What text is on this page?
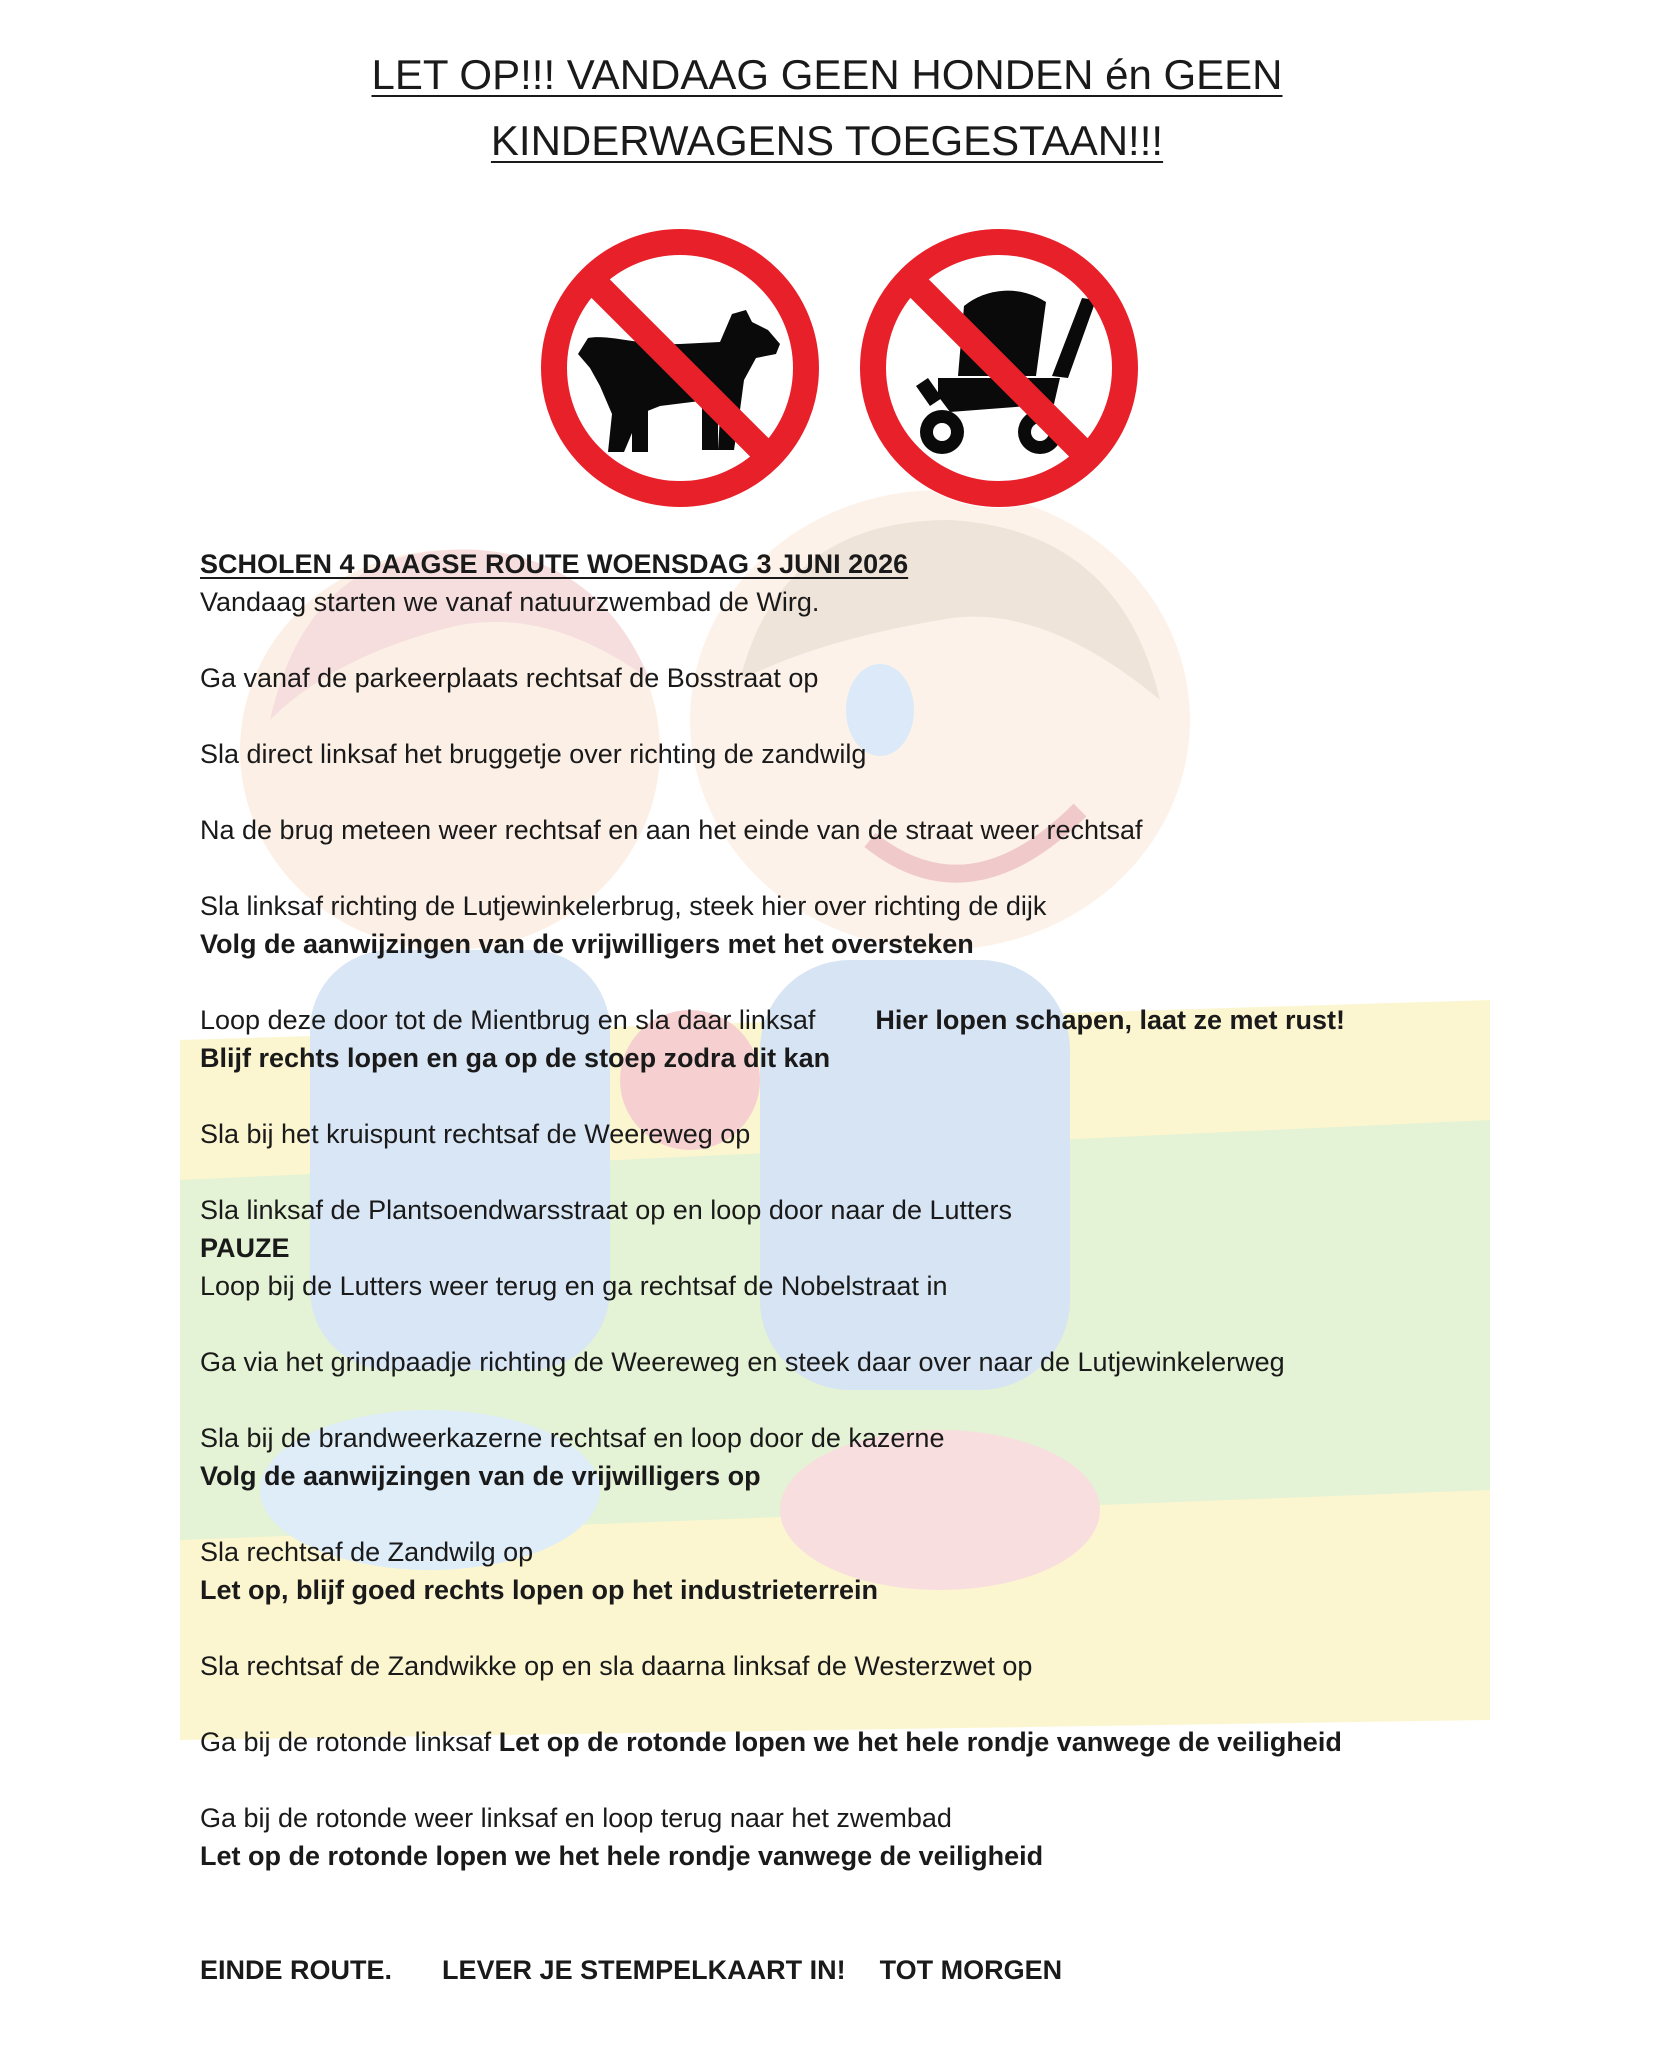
LET OP!!! VANDAAG GEEN HONDEN én GEEN
KINDERWAGENS TOEGESTAAN!!!
SCHOLEN 4 DAAGSE ROUTE WOENSDAG 3 JUNI 2026
Vandaag starten we vanaf natuurzwembad de Wirg.
Ga vanaf de parkeerplaats rechtsaf de Bosstraat op
Sla direct linksaf het bruggetje over richting de zandwilg
Na de brug meteen weer rechtsaf en aan het einde van de straat weer rechtsaf
Sla linksaf richting de Lutjewinkelerbrug, steek hier over richting de dijk
Volg de aanwijzingen van de vrijwilligers met het oversteken
Loop deze door tot de Mientbrug en sla daar linksaf Hier lopen schapen, laat ze met rust!
Blijf rechts lopen en ga op de stoep zodra dit kan
Sla bij het kruispunt rechtsaf de Weereweg op
Sla linksaf de Plantsoendwarsstraat op en loop door naar de Lutters
PAUZE
Loop bij de Lutters weer terug en ga rechtsaf de Nobelstraat in
Ga via het grindpaadje richting de Weereweg en steek daar over naar de Lutjewinkelerweg
Sla bij de brandweerkazerne rechtsaf en loop door de kazerne
Volg de aanwijzingen van de vrijwilligers op
Sla rechtsaf de Zandwilg op
Let op, blijf goed rechts lopen op het industrieterrein
Sla rechtsaf de Zandwikke op en sla daarna linksaf de Westerzwet op
Ga bij de rotonde linksaf Let op de rotonde lopen we het hele rondje vanwege de veiligheid
Ga bij de rotonde weer linksaf en loop terug naar het zwembad
Let op de rotonde lopen we het hele rondje vanwege de veiligheid
EINDE ROUTE. LEVER JE STEMPELKAART IN! TOT MORGEN
